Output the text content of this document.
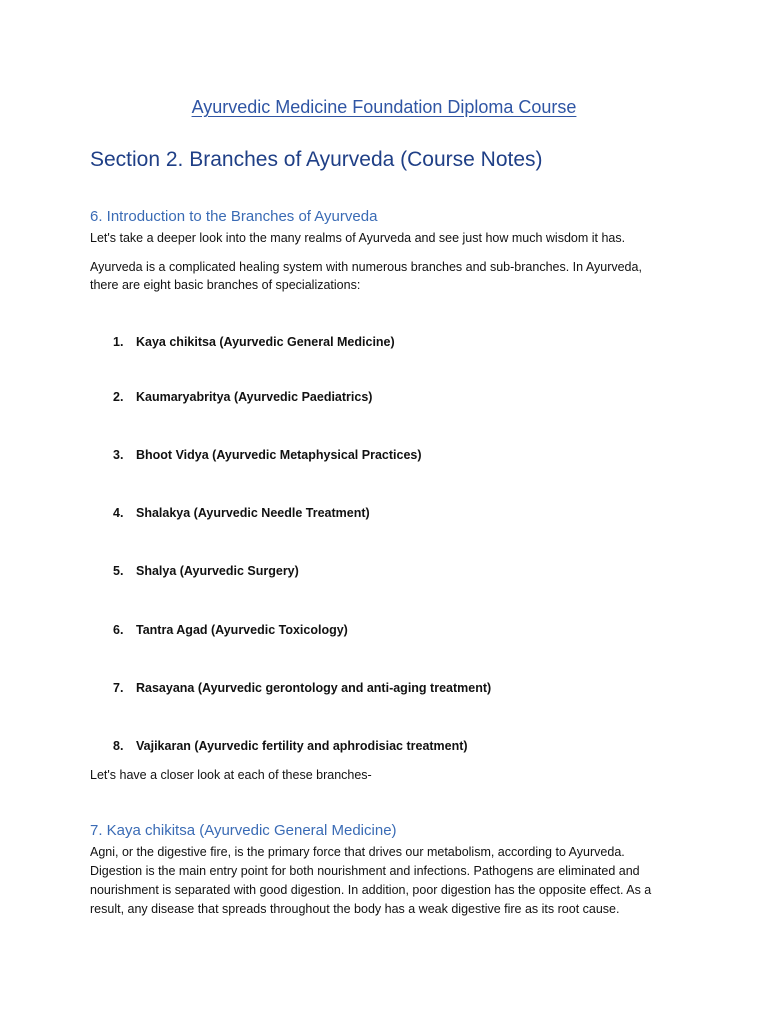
Ayurvedic Medicine Foundation Diploma Course
Section 2. Branches of Ayurveda (Course Notes)
6. Introduction to the Branches of Ayurveda
Let's take a deeper look into the many realms of Ayurveda and see just how much wisdom it has.
Ayurveda is a complicated healing system with numerous branches and sub-branches. In Ayurveda,
there are eight basic branches of specializations:
1. Kaya chikitsa (Ayurvedic General Medicine)
2. Kaumaryabritya (Ayurvedic Paediatrics)
3. Bhoot Vidya (Ayurvedic Metaphysical Practices)
4. Shalakya (Ayurvedic Needle Treatment)
5. Shalya (Ayurvedic Surgery)
6. Tantra Agad (Ayurvedic Toxicology)
7. Rasayana (Ayurvedic gerontology and anti-aging treatment)
8. Vajikaran (Ayurvedic fertility and aphrodisiac treatment)
Let's have a closer look at each of these branches-
7. Kaya chikitsa (Ayurvedic General Medicine)
Agni, or the digestive fire, is the primary force that drives our metabolism, according to Ayurveda.
Digestion is the main entry point for both nourishment and infections. Pathogens are eliminated and
nourishment is separated with good digestion. In addition, poor digestion has the opposite effect. As a
result, any disease that spreads throughout the body has a weak digestive fire as its root cause.
